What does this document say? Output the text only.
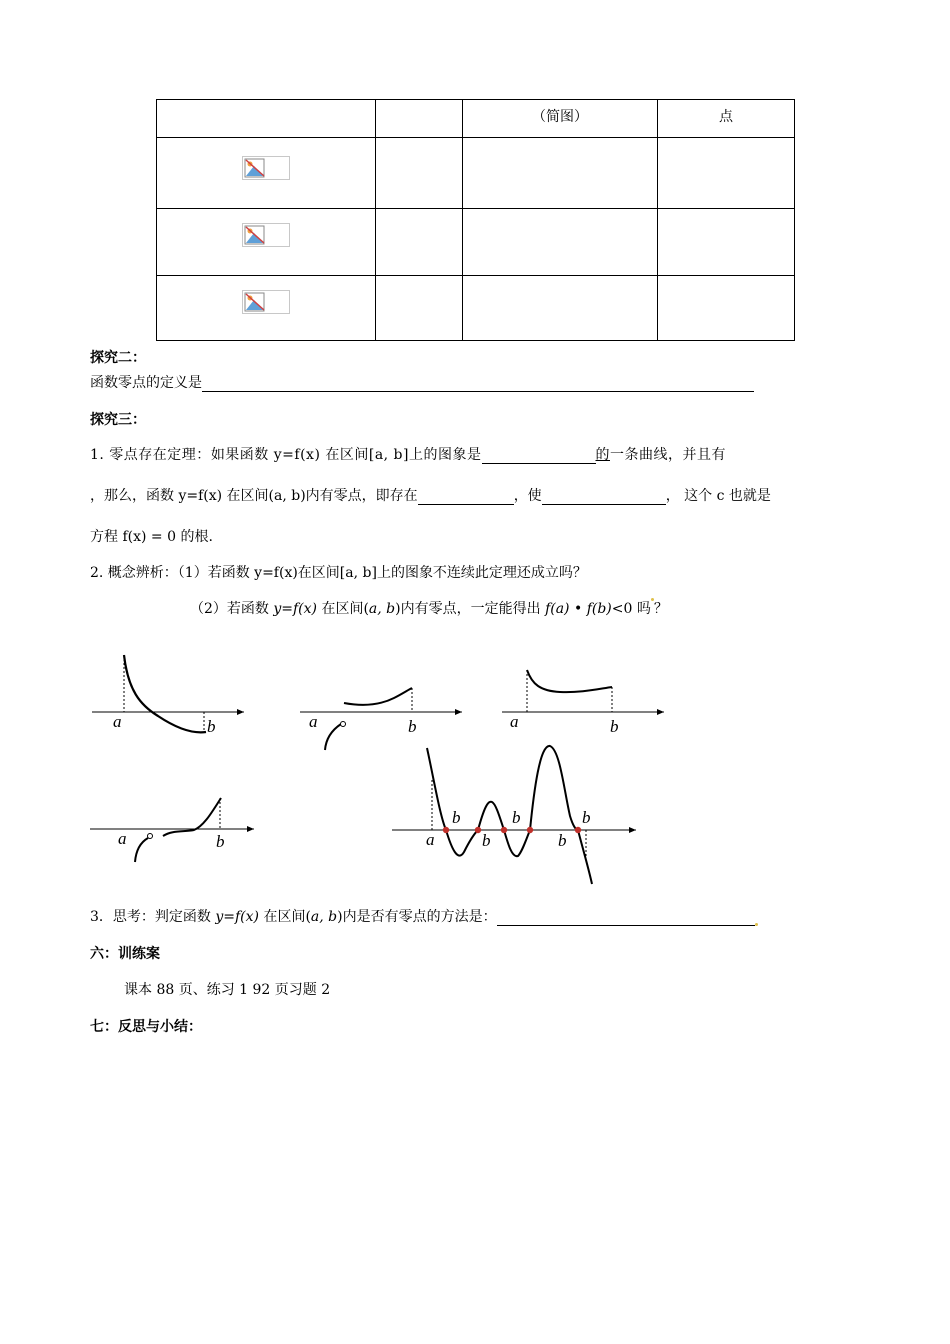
		（简图）	点

探究二：
函数零点的定义是
探究三：
1. 零点存在定理：如果函数 y=f(x) 在区间[a, b]上的图象是	的一条曲线，并且有
，那么，函数 y=f(x) 在区间(a, b)内有零点，即存在	，使	， 这个 c 也就是
方程 f(x) = 0 的根.
2. 概念辨析：（1）若函数 y=f(x)在区间[a, b]上的图象不连续此定理还成立吗？
（2）若函数 y=f(x) 在区间(a, b)内有零点，一定能得出 f(a) • f(b)<0 吗 ？
a	b	a	b	a	b
a	b	a
b
b
b
b
b
3．思考：判定函数 y=f(x) 在区间(a, b)内是否有零点的方法是：
六：训练案
课本 88 页、练习 1 92 页习题 2
七：反思与小结：
